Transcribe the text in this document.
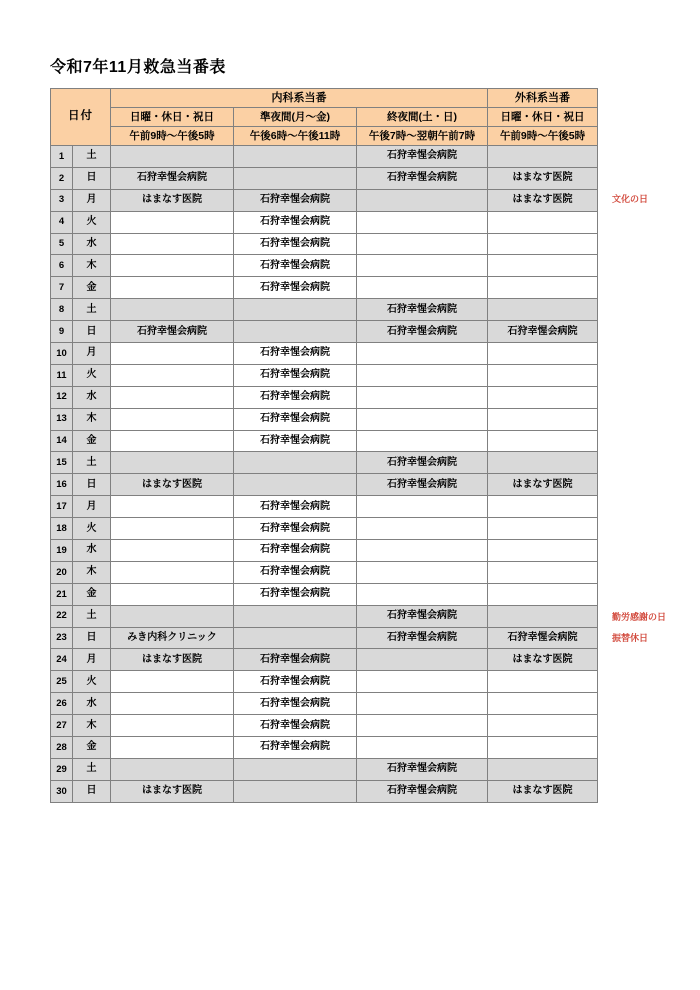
令和7年11月救急当番表
日付		内科系当番			外科系当番
		日曜・休日・祝日	準夜間(月～金)	終夜間(土・日)	日曜・休日・祝日
		午前9時～午後5時	午後6時～午後11時	午後7時～翌朝午前7時	午前9時～午後5時
1	土			石狩幸惺会病院	
2	日	石狩幸惺会病院		石狩幸惺会病院	はまなす医院
3	月	はまなす医院	石狩幸惺会病院		はまなす医院
4	火		石狩幸惺会病院		
5	水		石狩幸惺会病院		
6	木		石狩幸惺会病院		
7	金		石狩幸惺会病院		
8	土			石狩幸惺会病院	
9	日	石狩幸惺会病院		石狩幸惺会病院	石狩幸惺会病院
10	月		石狩幸惺会病院		
11	火		石狩幸惺会病院		
12	水		石狩幸惺会病院		
13	木		石狩幸惺会病院		
14	金		石狩幸惺会病院		
15	土			石狩幸惺会病院	
16	日	はまなす医院		石狩幸惺会病院	はまなす医院
17	月		石狩幸惺会病院		
18	火		石狩幸惺会病院		
19	水		石狩幸惺会病院		
20	木		石狩幸惺会病院		
21	金		石狩幸惺会病院		
22	土			石狩幸惺会病院	
23	日	みき内科クリニック		石狩幸惺会病院	石狩幸惺会病院
24	月	はまなす医院	石狩幸惺会病院		はまなす医院
25	火		石狩幸惺会病院		
26	水		石狩幸惺会病院		
27	木		石狩幸惺会病院		
28	金		石狩幸惺会病院		
29	土			石狩幸惺会病院	
30	日	はまなす医院		石狩幸惺会病院	はまなす医院
文化の日
勤労感謝の日
振替休日
